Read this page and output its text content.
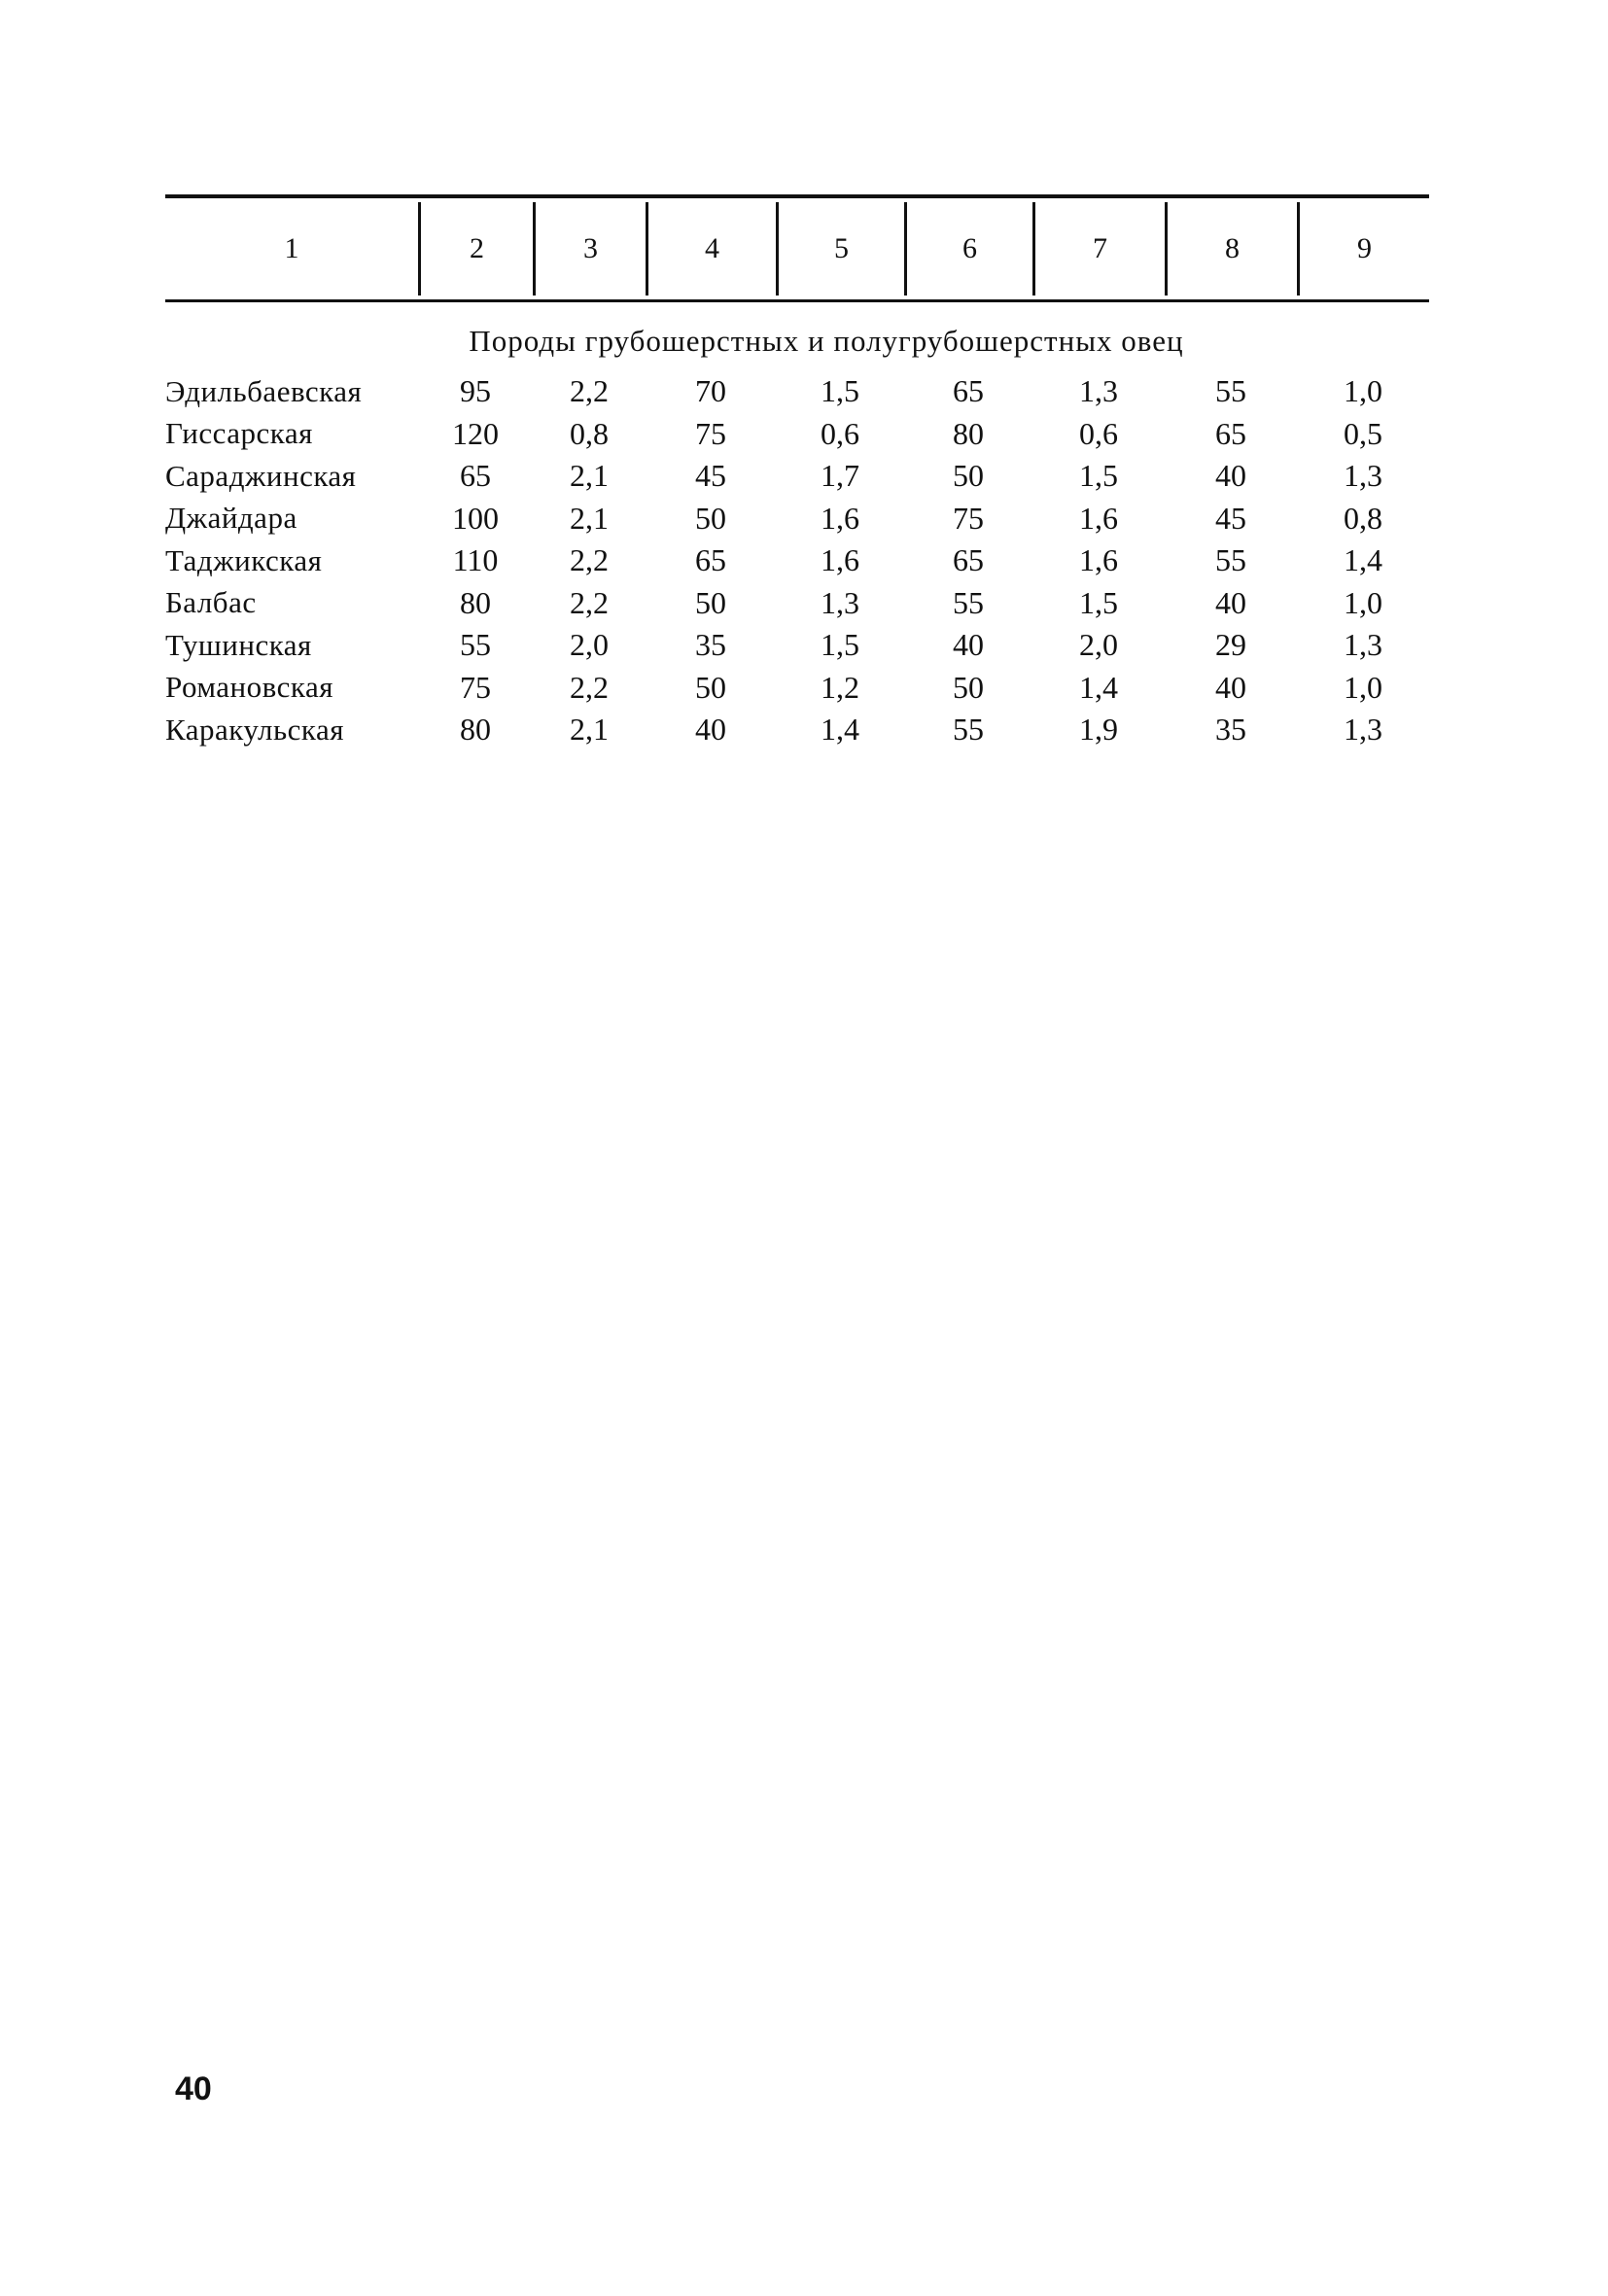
1	2	3	4	5	6	7	8	9
Породы грубошерстных и полугрубошерстных овец
Эдильбаевская	95	2,2	70	1,5	65	1,3	55	1,0
Гиссарская	120	0,8	75	0,6	80	0,6	65	0,5
Сараджинская	65	2,1	45	1,7	50	1,5	40	1,3
Джайдара	100	2,1	50	1,6	75	1,6	45	0,8
Таджикская	110	2,2	65	1,6	65	1,6	55	1,4
Балбас	80	2,2	50	1,3	55	1,5	40	1,0
Тушинская	55	2,0	35	1,5	40	2,0	29	1,3
Романовская	75	2,2	50	1,2	50	1,4	40	1,0
Каракульская	80	2,1	40	1,4	55	1,9	35	1,3
40
